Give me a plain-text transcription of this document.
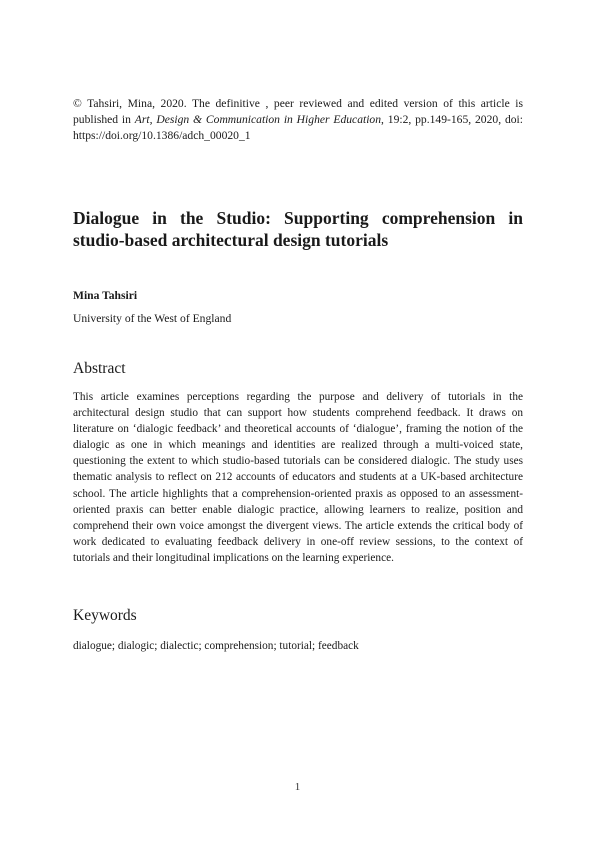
© Tahsiri, Mina, 2020. The definitive , peer reviewed and edited version of this article is published in Art, Design & Communication in Higher Education, 19:2, pp.149-165, 2020, doi: https://doi.org/10.1386/adch_00020_1

Dialogue in the Studio: Supporting comprehension in studio-based architectural design tutorials
Mina Tahsiri
University of the West of England
Abstract

This article examines perceptions regarding the purpose and delivery of tutorials in the architectural design studio that can support how students comprehend feedback. It draws on literature on ‘dialogic feedback’ and theoretical accounts of ‘dialogue’, framing the notion of the dialogic as one in which meanings and identities are realized through a multi-voiced state, questioning the extent to which studio-based tutorials can be considered dialogic. The study uses thematic analysis to reflect on 212 accounts of educators and students at a UK-based architecture school. The article highlights that a comprehension-oriented praxis as opposed to an assessment-oriented praxis can better enable dialogic practice, allowing learners to realize, position and comprehend their own voice amongst the divergent views. The article extends the critical body of work dedicated to evaluating feedback delivery in one-off review sessions, to the context of tutorials and their longitudinal implications on the learning experience.

Keywords

dialogue; dialogic; dialectic; comprehension; tutorial; feedback

1
